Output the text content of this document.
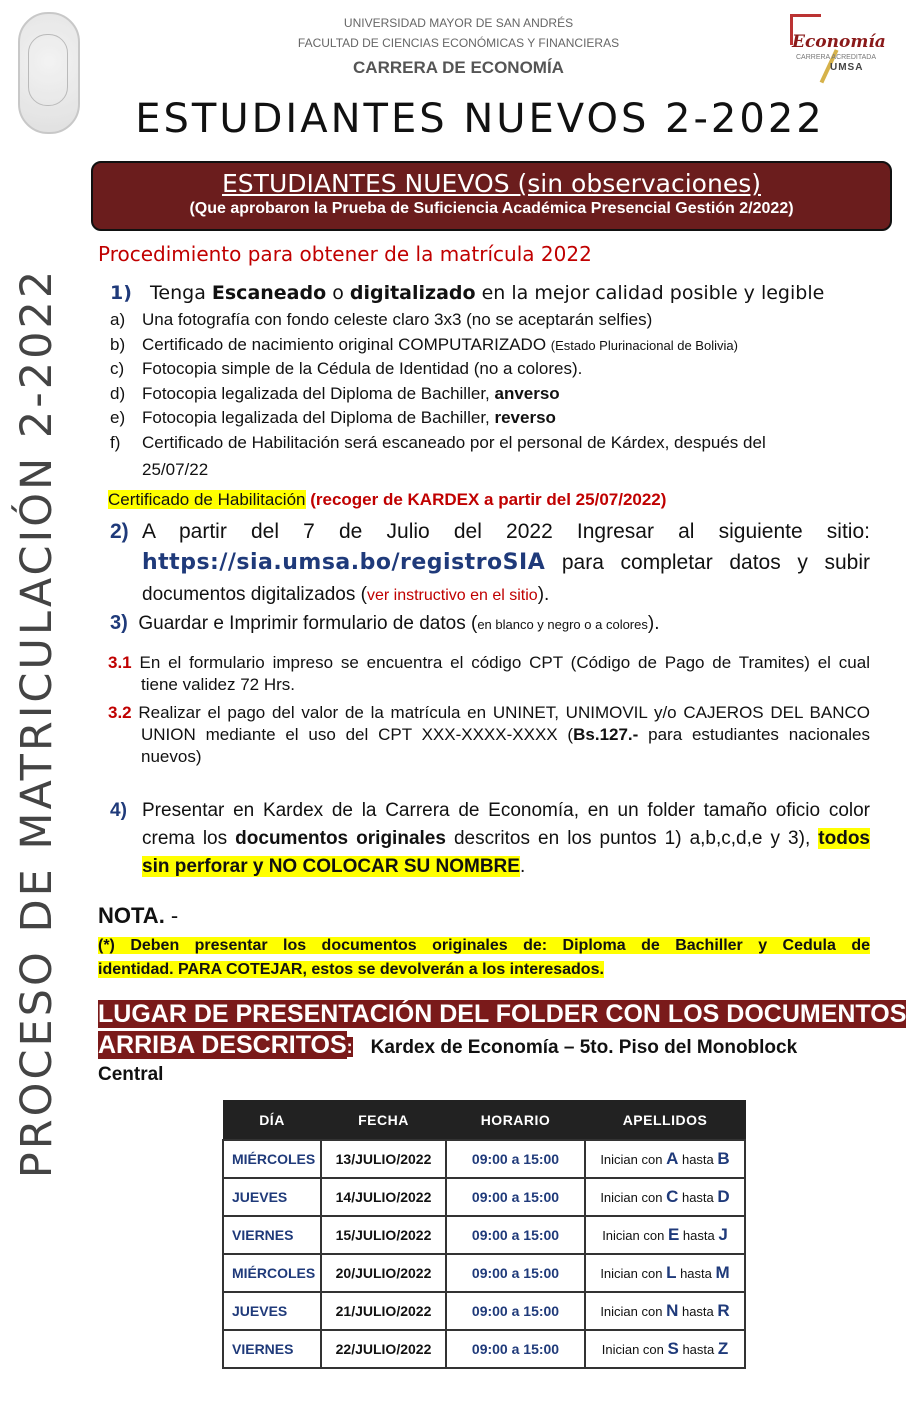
PROCESO DE MATRICULACIÓN 2-2022
UNIVERSIDAD MAYOR DE SAN ANDRÉS
FACULTAD DE CIENCIAS ECONÓMICAS Y FINANCIERAS
CARRERA DE ECONOMÍA
Economía
CARRERA ACREDITADA
UMSA
ESTUDIANTES NUEVOS 2-2022
ESTUDIANTES NUEVOS (sin observaciones)
(Que aprobaron la Prueba de Suficiencia Académica Presencial Gestión 2/2022)
Procedimiento para obtener de la matrícula 2022
1) Tenga Escaneado o digitalizado en la mejor calidad posible y legible
a) Una fotografía con fondo celeste claro 3x3 (no se aceptarán selfies)
b) Certificado de nacimiento original COMPUTARIZADO (Estado Plurinacional de Bolivia)
c) Fotocopia simple de la Cédula de Identidad (no a colores).
d) Fotocopia legalizada del Diploma de Bachiller, anverso
e) Fotocopia legalizada del Diploma de Bachiller, reverso
f) Certificado de Habilitación será escaneado por el personal de Kárdex, después del
25/07/22
Certificado de Habilitación (recoger de KARDEX a partir del 25/07/2022)
2) A partir del 7 de Julio del 2022 Ingresar al siguiente sitio:
https://sia.umsa.bo/registroSIA para completar datos y subir
documentos digitalizados (ver instructivo en el sitio).
3) Guardar e Imprimir formulario de datos (en blanco y negro o a colores).
3.1 En el formulario impreso se encuentra el código CPT (Código de Pago de Tramites) el cual
tiene validez 72 Hrs.
3.2 Realizar el pago del valor de la matrícula en UNINET, UNIMOVIL y/o CAJEROS DEL BANCO
UNION mediante el uso del CPT XXX-XXXX-XXXX (Bs.127.- para estudiantes nacionales
nuevos)
4) Presentar en Kardex de la Carrera de Economía, en un folder tamaño oficio color
crema los documentos originales descritos en los puntos 1) a,b,c,d,e y 3), todos
sin perforar y NO COLOCAR SU NOMBRE.
NOTA. -
(*) Deben presentar los documentos originales de: Diploma de Bachiller y Cedula de
identidad. PARA COTEJAR, estos se devolverán a los interesados.
LUGAR DE PRESENTACIÓN DEL FOLDER CON LOS DOCUMENTOS
ARRIBA DESCRITOS: Kardex de Economía – 5to. Piso del Monoblock
Central
DÍA	FECHA	HORARIO	APELLIDOS
MIÉRCOLES	13/JULIO/2022	09:00 a 15:00	Inician con A hasta B
JUEVES	14/JULIO/2022	09:00 a 15:00	Inician con C hasta D
VIERNES	15/JULIO/2022	09:00 a 15:00	Inician con E hasta J
MIÉRCOLES	20/JULIO/2022	09:00 a 15:00	Inician con L hasta M
JUEVES	21/JULIO/2022	09:00 a 15:00	Inician con N hasta R
VIERNES	22/JULIO/2022	09:00 a 15:00	Inician con S hasta Z
